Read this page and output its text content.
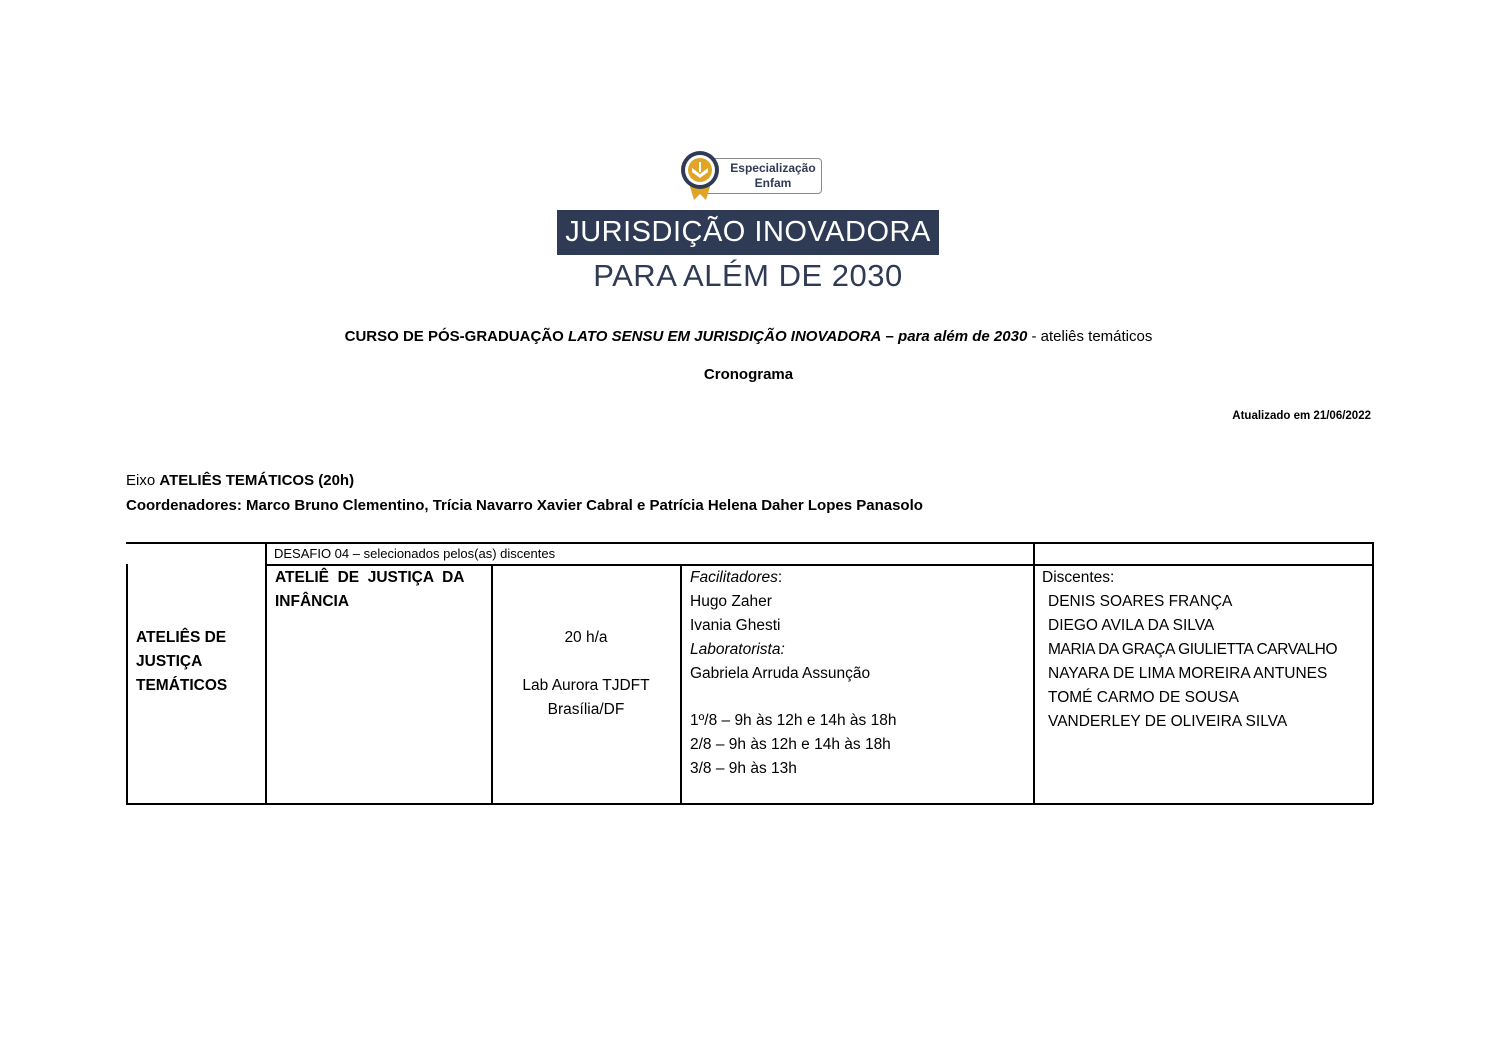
Especialização
Enfam
JURISDIÇÃO INOVADORA
PARA ALÉM DE 2030
CURSO DE PÓS-GRADUAÇÃO LATO SENSU EM JURISDIÇÃO INOVADORA – para além de 2030 - ateliês temáticos
Cronograma
Atualizado em 21/06/2022
Eixo ATELIÊS TEMÁTICOS (20h)
Coordenadores: Marco Bruno Clementino, Trícia Navarro Xavier Cabral e Patrícia Helena Daher Lopes Panasolo
ATELIÊS DE
JUSTIÇA
TEMÁTICOS
DESAFIO 04 – selecionados pelos(as) discentes
ATELIÊ  DE  JUSTIÇA  DA
INFÂNCIA
20 h/a
Lab Aurora TJDFT
Brasília/DF
Facilitadores:
Hugo Zaher
Ivania Ghesti
Laboratorista:
Gabriela Arruda Assunção
1º/8 – 9h às 12h e 14h às 18h
2/8 – 9h às 12h e 14h às 18h
3/8 – 9h às 13h
Discentes:
DENIS SOARES FRANÇA
DIEGO AVILA DA SILVA
MARIA DA GRAÇA GIULIETTA CARVALHO
NAYARA DE LIMA MOREIRA ANTUNES
TOMÉ CARMO DE SOUSA
VANDERLEY DE OLIVEIRA SILVA
